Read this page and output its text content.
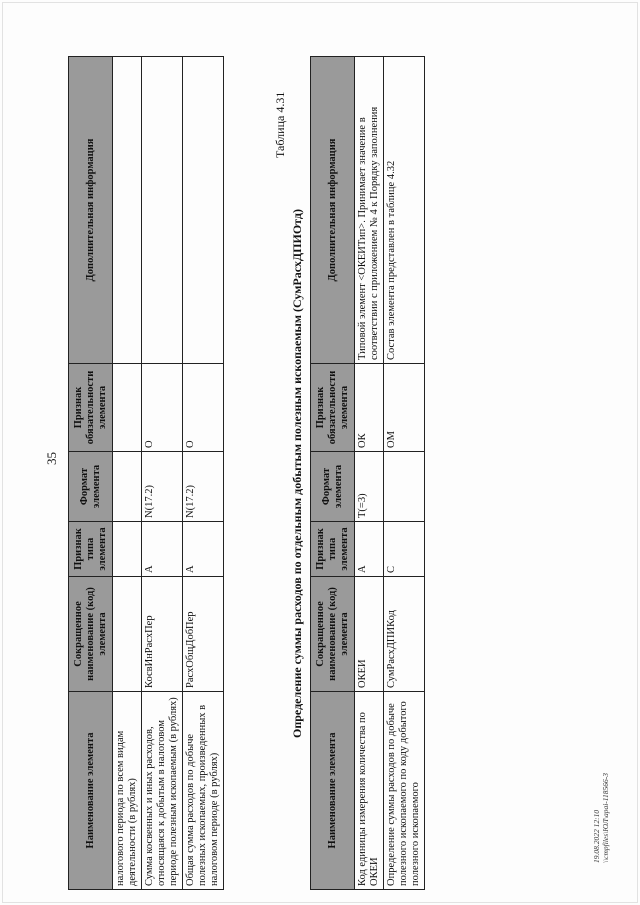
35
Наименование элемента	Сокращенное наименование (код) элемента	Признак типа элемента	Формат элемента	Признак обязательности элемента	Дополнительная информация
налогового периода по всем видам деятельности (в рублях)					
Сумма косвенных и иных расходов, относящаяся к добытым в налоговом периоде полезным ископаемым (в рублях)	КосвИнРасхПер	А	N(17.2)	О	
Общая сумма расходов по добыче полезных ископаемых, произведенных в налоговом периоде (в рублях)	РасхОбщДобПер	А	N(17.2)	О	
Таблица 4.31
Определение суммы расходов по отдельным добытым полезным ископаемым (СумРасхДПИОтд)
Наименование элемента	Сокращенное наименование (код) элемента	Признак типа элемента	Формат элемента	Признак обязательности элемента	Дополнительная информация
Код единицы измерения количества по ОКЕИ	ОКЕИ	А	T(=3)	ОК	Типовой элемент <ОКЕИТип>. Принимает значение в соответствии с приложением № 4 к Порядку заполнения
Определение суммы расходов по добыче полезного ископаемого по коду добытого полезного ископаемого	СумРасхДПИКод	С		ОМ	Состав элемента представлен в таблице 4.32
19.08.2022 12:10 \\cmpfiles\ЮЛ\apai-118566-3
